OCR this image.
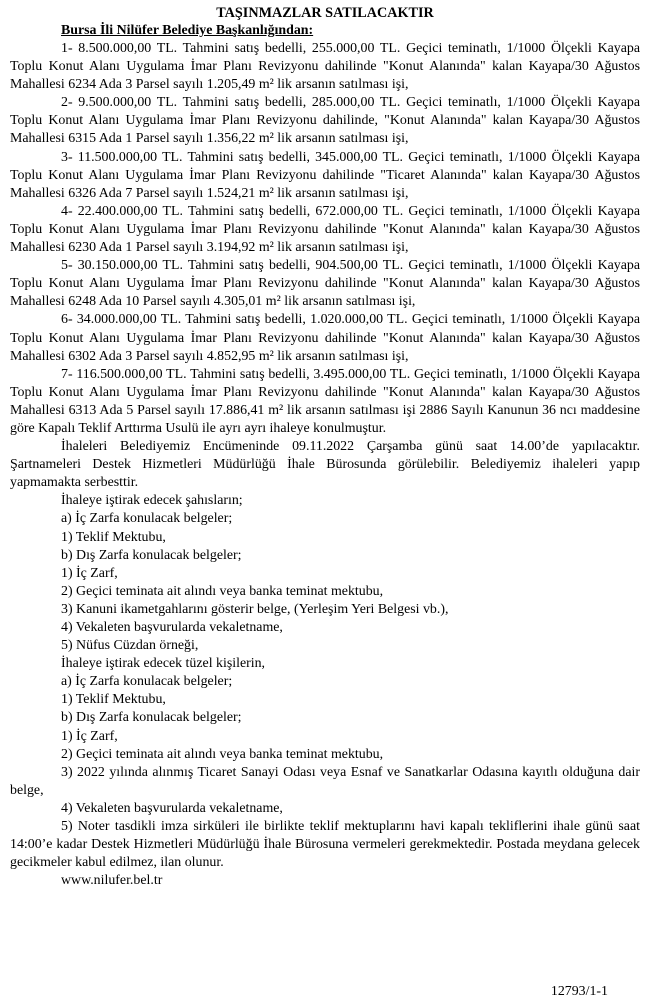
TAŞINMAZLAR SATILACAKTIR
Bursa İli Nilüfer Belediye Başkanlığından:

1- 8.500.000,00 TL. Tahmini satış bedelli, 255.000,00 TL. Geçici teminatlı, 1/1000 Ölçekli Kayapa Toplu Konut Alanı Uygulama İmar Planı Revizyonu dahilinde "Konut Alanında" kalan Kayapa/30 Ağustos Mahallesi 6234 Ada 3 Parsel sayılı 1.205,49 m² lik arsanın satılması işi,

2- 9.500.000,00 TL. Tahmini satış bedelli, 285.000,00 TL. Geçici teminatlı, 1/1000 Ölçekli Kayapa Toplu Konut Alanı Uygulama İmar Planı Revizyonu dahilinde, "Konut Alanında" kalan Kayapa/30 Ağustos Mahallesi 6315 Ada 1 Parsel sayılı 1.356,22 m² lik arsanın satılması işi,

3- 11.500.000,00 TL. Tahmini satış bedelli, 345.000,00 TL. Geçici teminatlı, 1/1000 Ölçekli Kayapa Toplu Konut Alanı Uygulama İmar Planı Revizyonu dahilinde "Ticaret Alanında" kalan Kayapa/30 Ağustos Mahallesi 6326 Ada 7 Parsel sayılı 1.524,21 m² lik arsanın satılması işi,

4- 22.400.000,00 TL. Tahmini satış bedelli, 672.000,00 TL. Geçici teminatlı, 1/1000 Ölçekli Kayapa Toplu Konut Alanı Uygulama İmar Planı Revizyonu dahilinde "Konut Alanında" kalan Kayapa/30 Ağustos Mahallesi 6230 Ada 1 Parsel sayılı 3.194,92 m² lik arsanın satılması işi,

5- 30.150.000,00 TL. Tahmini satış bedelli, 904.500,00 TL. Geçici teminatlı, 1/1000 Ölçekli Kayapa Toplu Konut Alanı Uygulama İmar Planı Revizyonu dahilinde "Konut Alanında" kalan Kayapa/30 Ağustos Mahallesi 6248 Ada 10 Parsel sayılı 4.305,01 m² lik arsanın satılması işi,

6- 34.000.000,00 TL. Tahmini satış bedelli, 1.020.000,00 TL. Geçici teminatlı, 1/1000 Ölçekli Kayapa Toplu Konut Alanı Uygulama İmar Planı Revizyonu dahilinde "Konut Alanında" kalan Kayapa/30 Ağustos Mahallesi 6302 Ada 3 Parsel sayılı 4.852,95 m² lik arsanın satılması işi,

7- 116.500.000,00 TL. Tahmini satış bedelli, 3.495.000,00 TL. Geçici teminatlı, 1/1000 Ölçekli Kayapa Toplu Konut Alanı Uygulama İmar Planı Revizyonu dahilinde "Konut Alanında" kalan Kayapa/30 Ağustos Mahallesi 6313 Ada 5 Parsel sayılı 17.886,41 m² lik arsanın satılması işi 2886 Sayılı Kanunun 36 ncı maddesine göre Kapalı Teklif Arttırma Usulü ile ayrı ayrı ihaleye konulmuştur.

İhaleleri Belediyemiz Encümeninde 09.11.2022 Çarşamba günü saat 14.00’de yapılacaktır. Şartnameleri Destek Hizmetleri Müdürlüğü İhale Bürosunda görülebilir. Belediyemiz ihaleleri yapıp yapmamakta serbesttir.

İhaleye iştirak edecek şahısların;

a) İç Zarfa konulacak belgeler;

1) Teklif Mektubu,

b) Dış Zarfa konulacak belgeler;

1) İç Zarf,

2) Geçici teminata ait alındı veya banka teminat mektubu,

3) Kanuni ikametgahlarını gösterir belge, (Yerleşim Yeri Belgesi vb.),

4) Vekaleten başvurularda vekaletname,

5) Nüfus Cüzdan örneği,

İhaleye iştirak edecek tüzel kişilerin,

a) İç Zarfa konulacak belgeler;

1) Teklif Mektubu,

b) Dış Zarfa konulacak belgeler;

1) İç Zarf,

2) Geçici teminata ait alındı veya banka teminat mektubu,

3) 2022 yılında alınmış Ticaret Sanayi Odası veya Esnaf ve Sanatkarlar Odasına kayıtlı olduğuna dair belge,

4) Vekaleten başvurularda vekaletname,

5) Noter tasdikli imza sirküleri ile birlikte teklif mektuplarını havi kapalı tekliflerini ihale günü saat 14:00’e kadar Destek Hizmetleri Müdürlüğü İhale Bürosuna vermeleri gerekmektedir. Postada meydana gelecek gecikmeler kabul edilmez, ilan olunur.

www.nilufer.bel.tr

12793/1-1
